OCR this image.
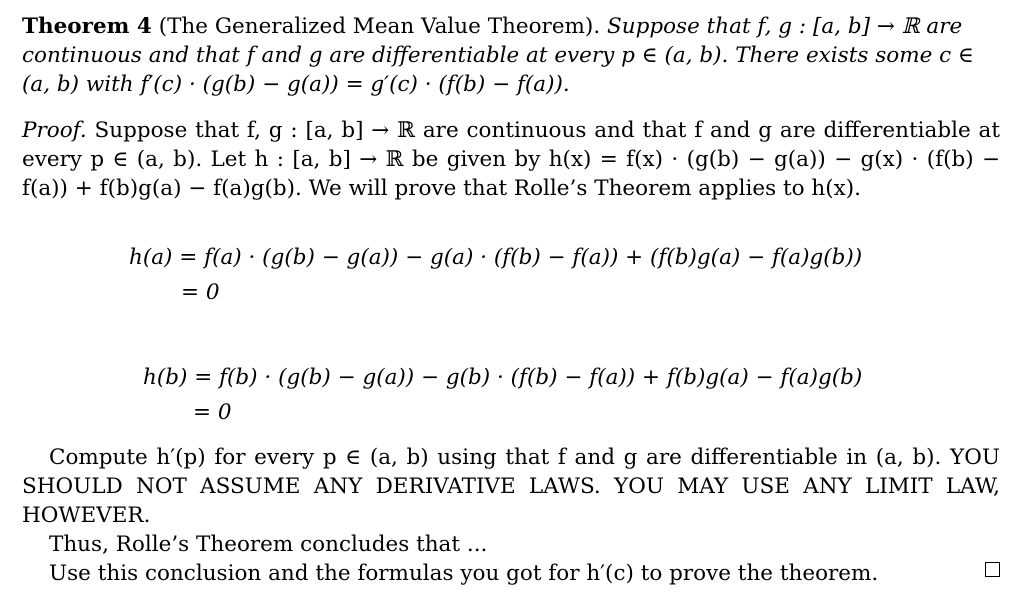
Theorem 4 (The Generalized Mean Value Theorem). Suppose that f, g : [a, b] → ℝ are continuous and that f and g are differentiable at every p ∈ (a, b). There exists some c ∈ (a, b) with f′(c) · (g(b) − g(a)) = g′(c) · (f(b) − f(a)).
Proof. Suppose that f, g : [a, b] → ℝ are continuous and that f and g are differentiable at every p ∈ (a, b). Let h : [a, b] → ℝ be given by h(x) = f(x) · (g(b) − g(a)) − g(x) · (f(b) − f(a)) + f(b)g(a) − f(a)g(b). We will prove that Rolle’s Theorem applies to h(x).
h(a) = f(a) · (g(b) − g(a)) − g(a) · (f(b) − f(a)) + (f(b)g(a) − f(a)g(b))
= 0
h(b) = f(b) · (g(b) − g(a)) − g(b) · (f(b) − f(a)) + f(b)g(a) − f(a)g(b)
= 0
Compute h′(p) for every p ∈ (a, b) using that f and g are differentiable in (a, b). YOU SHOULD NOT ASSUME ANY DERIVATIVE LAWS. YOU MAY USE ANY LIMIT LAW, HOWEVER.
Thus, Rolle’s Theorem concludes that ...
Use this conclusion and the formulas you got for h′(c) to prove the theorem.
